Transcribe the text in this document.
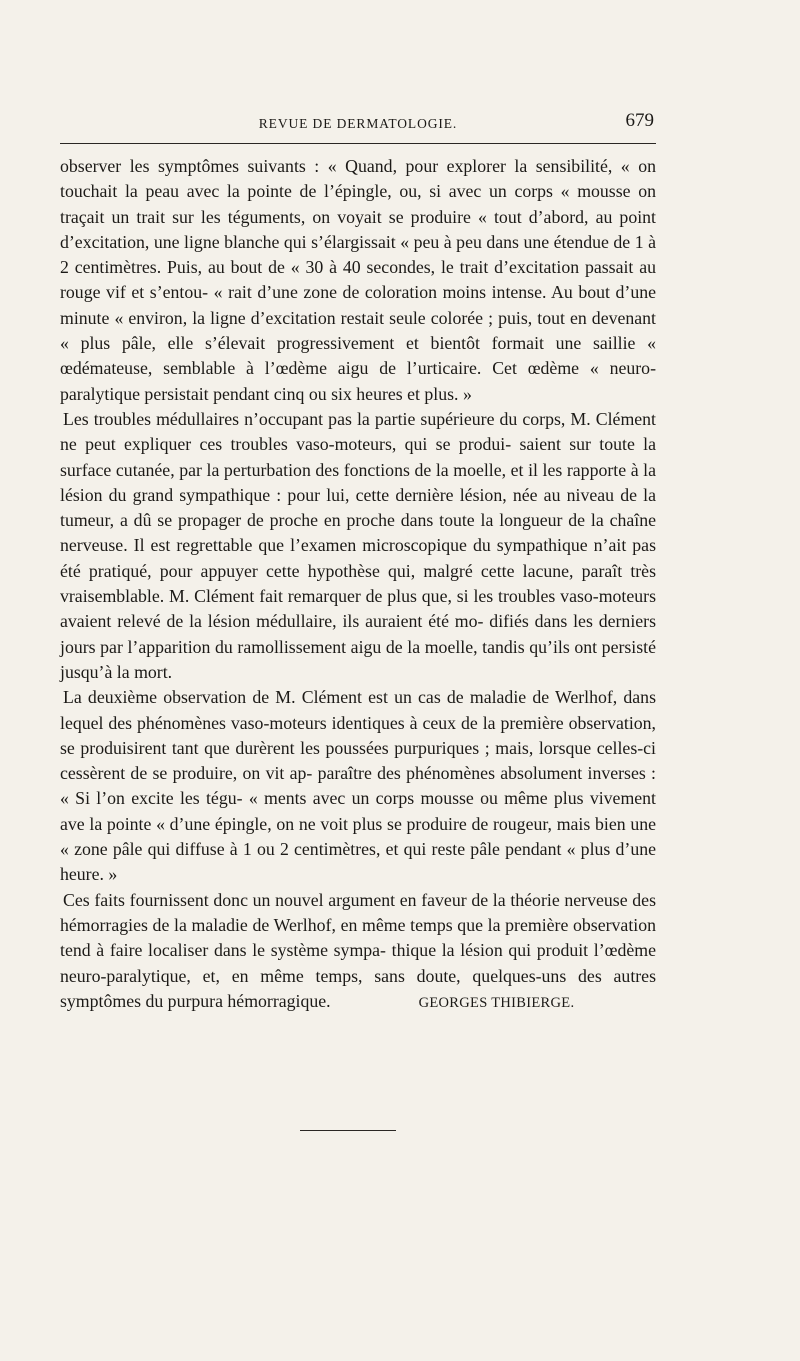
REVUE DE DERMATOLOGIE.	679

observer les symptômes suivants : « Quand, pour explorer la sensibilité, « on touchait la peau avec la pointe de l’épingle, ou, si avec un corps « mousse on traçait un trait sur les téguments, on voyait se produire « tout d’abord, au point d’excitation, une ligne blanche qui s’élargissait « peu à peu dans une étendue de 1 à 2 centimètres. Puis, au bout de « 30 à 40 secondes, le trait d’excitation passait au rouge vif et s’entou- « rait d’une zone de coloration moins intense. Au bout d’une minute « environ, la ligne d’excitation restait seule colorée ; puis, tout en devenant « plus pâle, elle s’élevait progressivement et bientôt formait une saillie « œdémateuse, semblable à l’œdème aigu de l’urticaire. Cet œdème « neuro-paralytique persistait pendant cinq ou six heures et plus. »

Les troubles médullaires n’occupant pas la partie supérieure du corps, M. Clément ne peut expliquer ces troubles vaso-moteurs, qui se produi- saient sur toute la surface cutanée, par la perturbation des fonctions de la moelle, et il les rapporte à la lésion du grand sympathique : pour lui, cette dernière lésion, née au niveau de la tumeur, a dû se propager de proche en proche dans toute la longueur de la chaîne nerveuse. Il est regrettable que l’examen microscopique du sympathique n’ait pas été pratiqué, pour appuyer cette hypothèse qui, malgré cette lacune, paraît très vraisemblable. M. Clément fait remarquer de plus que, si les troubles vaso-moteurs avaient relevé de la lésion médullaire, ils auraient été mo- difiés dans les derniers jours par l’apparition du ramollissement aigu de la moelle, tandis qu’ils ont persisté jusqu’à la mort.

La deuxième observation de M. Clément est un cas de maladie de Werlhof, dans lequel des phénomènes vaso-moteurs identiques à ceux de la première observation, se produisirent tant que durèrent les poussées purpuriques ; mais, lorsque celles-ci cessèrent de se produire, on vit ap- paraître des phénomènes absolument inverses : « Si l’on excite les tégu- « ments avec un corps mousse ou même plus vivement ave la pointe « d’une épingle, on ne voit plus se produire de rougeur, mais bien une « zone pâle qui diffuse à 1 ou 2 centimètres, et qui reste pâle pendant « plus d’une heure. »

Ces faits fournissent donc un nouvel argument en faveur de la théorie nerveuse des hémorragies de la maladie de Werlhof, en même temps que la première observation tend à faire localiser dans le système sympa- thique la lésion qui produit l’œdème neuro-paralytique, et, en même temps, sans doute, quelques-uns des autres symptômes du purpura hémorragique.	GEORGES THIBIERGE.
